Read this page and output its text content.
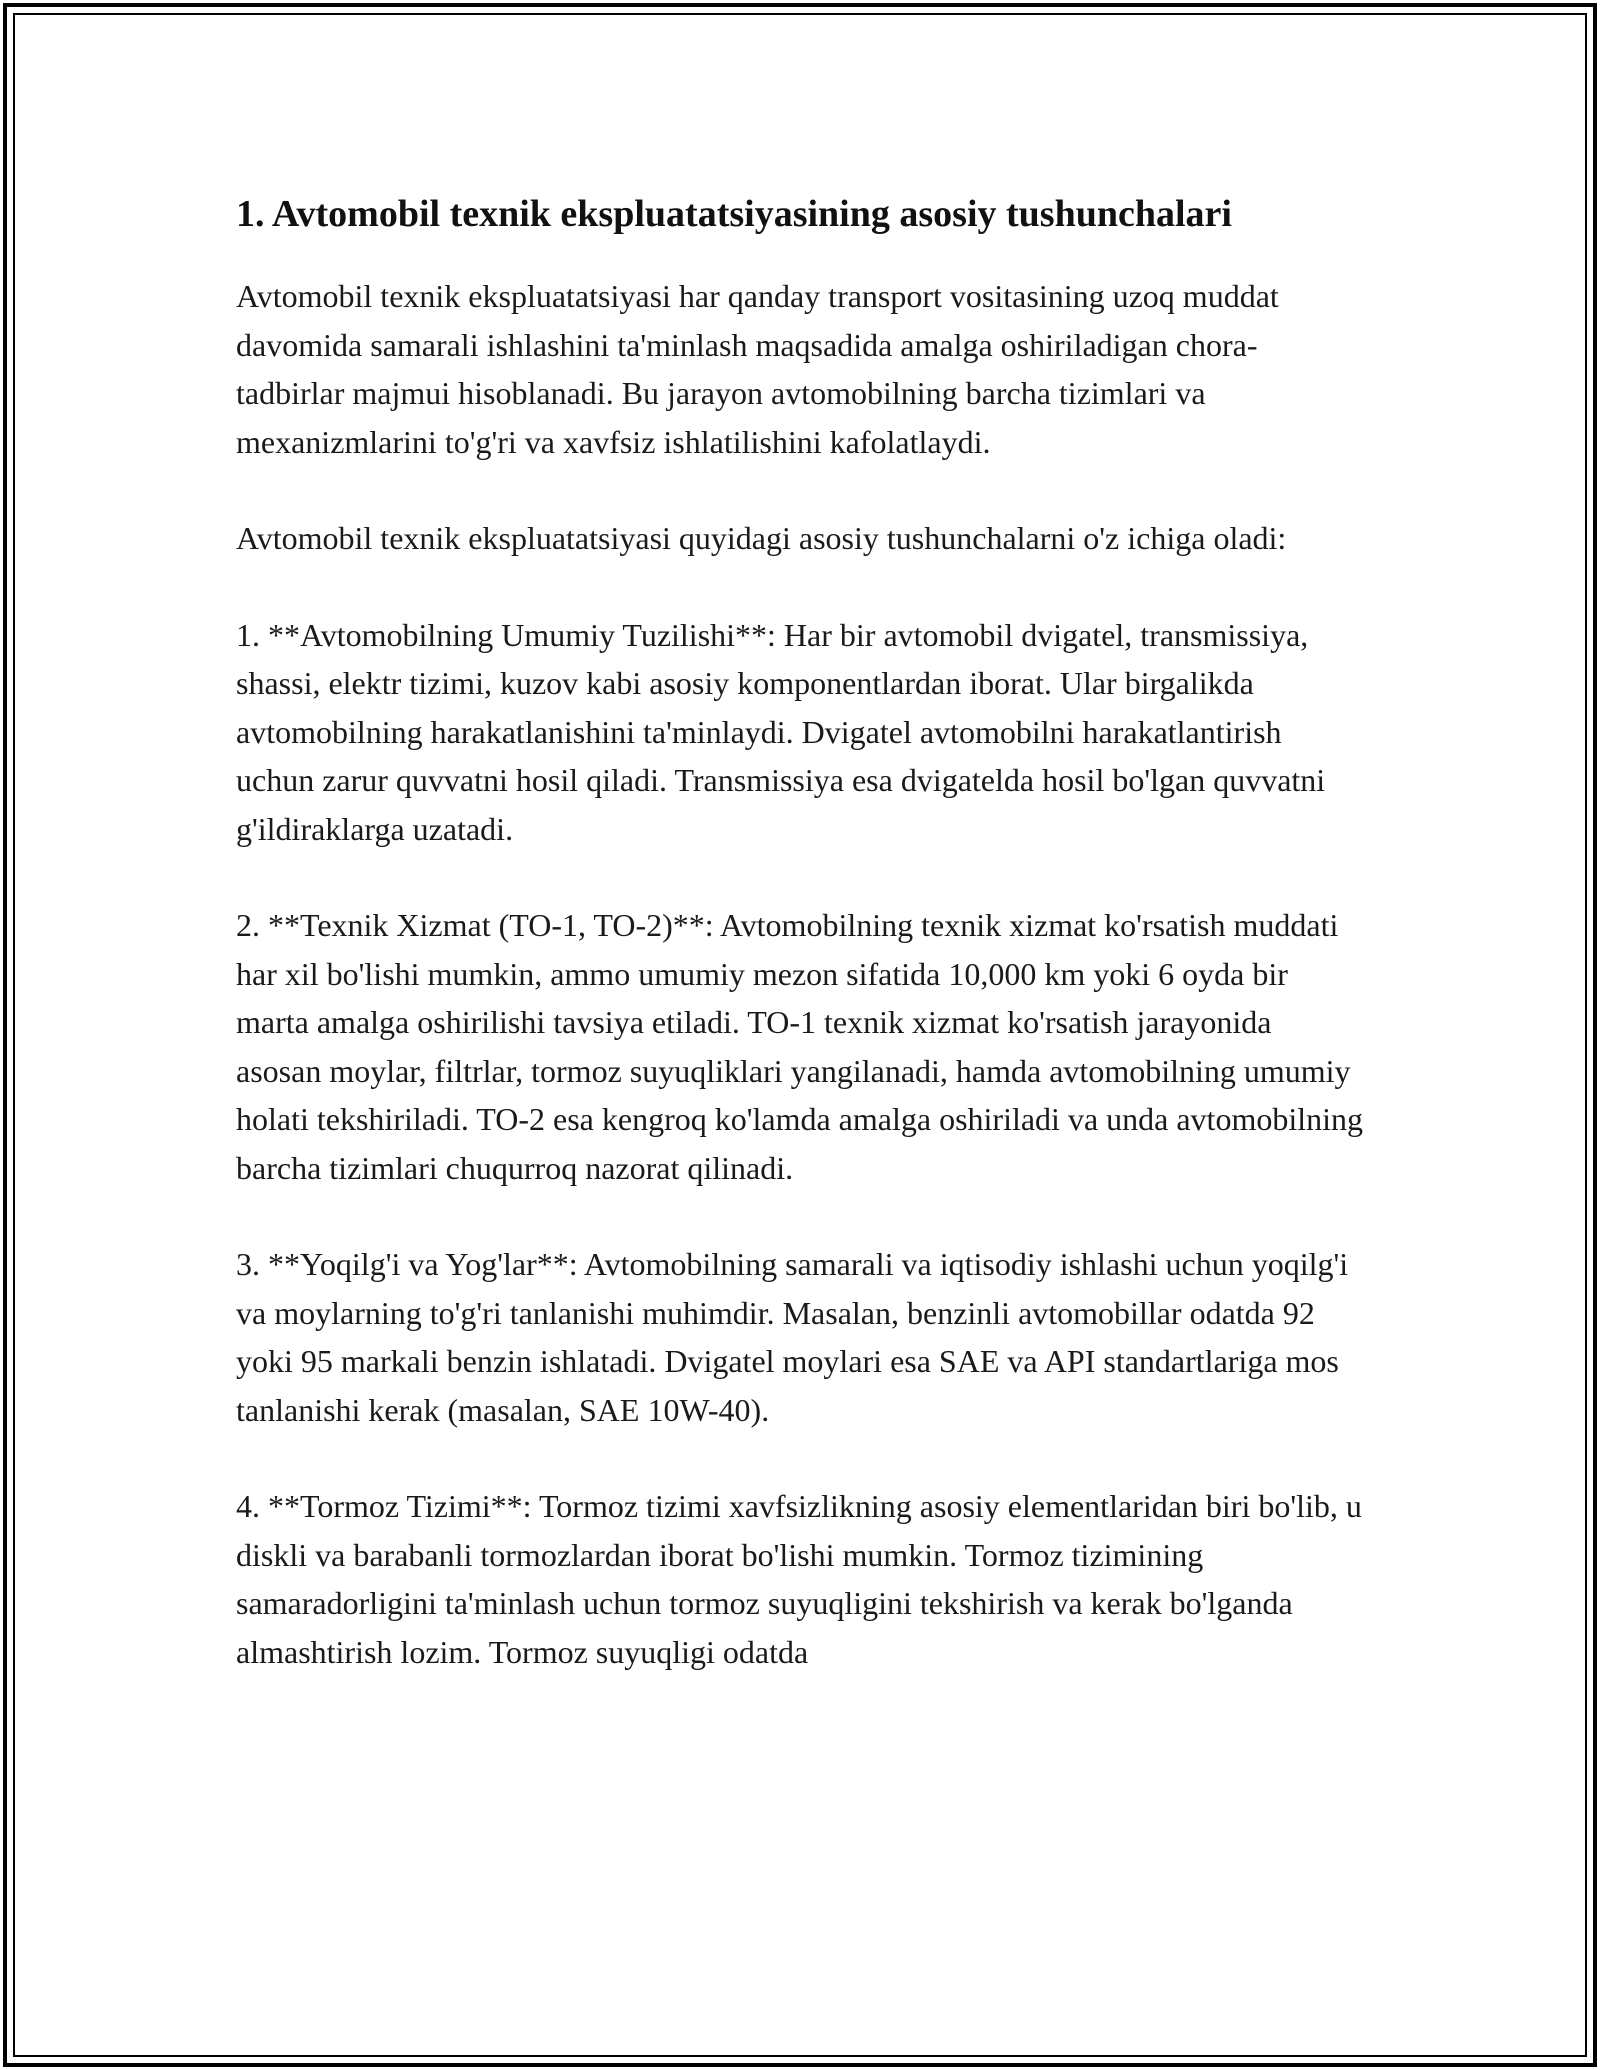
1. Avtomobil texnik ekspluatatsiyasining asosiy tushunchalari

Avtomobil texnik ekspluatatsiyasi har qanday transport vositasining uzoq muddat davomida samarali ishlashini ta'minlash maqsadida amalga oshiriladigan chora-tadbirlar majmui hisoblanadi. Bu jarayon avtomobilning barcha tizimlari va mexanizmlarini to'g'ri va xavfsiz ishlatilishini kafolatlaydi.

Avtomobil texnik ekspluatatsiyasi quyidagi asosiy tushunchalarni o'z ichiga oladi:

1. **Avtomobilning Umumiy Tuzilishi**: Har bir avtomobil dvigatel, transmissiya, shassi, elektr tizimi, kuzov kabi asosiy komponentlardan iborat. Ular birgalikda avtomobilning harakatlanishini ta'minlaydi. Dvigatel avtomobilni harakatlantirish uchun zarur quvvatni hosil qiladi. Transmissiya esa dvigatelda hosil bo'lgan quvvatni g'ildiraklarga uzatadi.

2. **Texnik Xizmat (TO-1, TO-2)**: Avtomobilning texnik xizmat ko'rsatish muddati har xil bo'lishi mumkin, ammo umumiy mezon sifatida 10,000 km yoki 6 oyda bir marta amalga oshirilishi tavsiya etiladi. TO-1 texnik xizmat ko'rsatish jarayonida asosan moylar, filtrlar, tormoz suyuqliklari yangilanadi, hamda avtomobilning umumiy holati tekshiriladi. TO-2 esa kengroq ko'lamda amalga oshiriladi va unda avtomobilning barcha tizimlari chuqurroq nazorat qilinadi.

3. **Yoqilg'i va Yog'lar**: Avtomobilning samarali va iqtisodiy ishlashi uchun yoqilg'i va moylarning to'g'ri tanlanishi muhimdir. Masalan, benzinli avtomobillar odatda 92 yoki 95 markali benzin ishlatadi. Dvigatel moylari esa SAE va API standartlariga mos tanlanishi kerak (masalan, SAE 10W-40).

4. **Tormoz Tizimi**: Tormoz tizimi xavfsizlikning asosiy elementlaridan biri bo'lib, u diskli va barabanli tormozlardan iborat bo'lishi mumkin. Tormoz tizimining samaradorligini ta'minlash uchun tormoz suyuqligini tekshirish va kerak bo'lganda almashtirish lozim. Tormoz suyuqligi odatda
